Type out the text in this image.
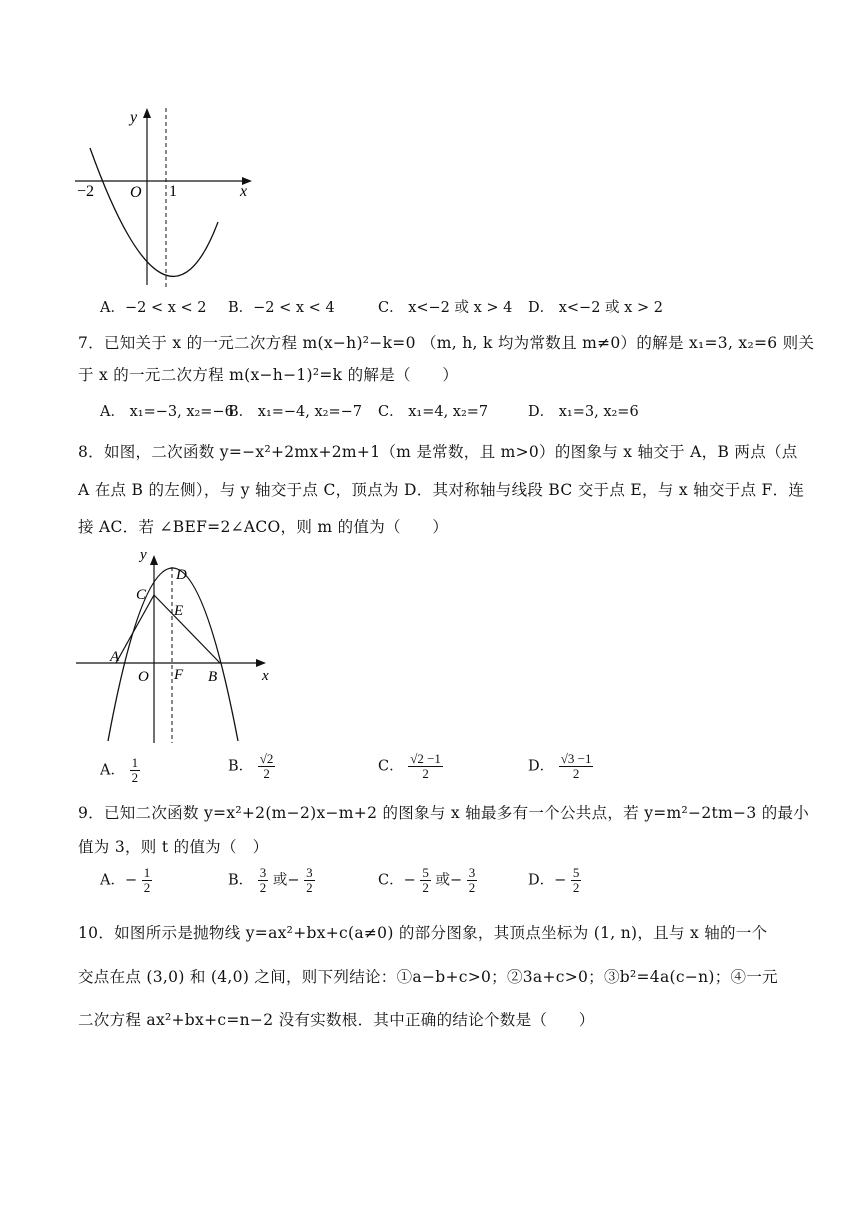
y
x
O
−2	1
A．−2 < x < 2 B．−2 < x < 4	C． x<−2 或 x > 4 D． x<−2 或 x > 2
7．已知关于 x 的一元二次方程 m(x−h)²−k=0 （m, h, k 均为常数且 m≠0）的解是 x₁=3, x₂=6 则关
于 x 的一元二次方程 m(x−h−1)²=k 的解是（　　）
A． x₁=−3, x₂=−6
B． x₁=−4, x₂=−7 C． x₁=4, x₂=7	D． x₁=3, x₂=6
8．如图，二次函数 y=−x²+2mx+2m+1（m 是常数，且 m>0）的图象与 x 轴交于 A，B 两点（点
A 在点 B 的左侧），与 y 轴交于点 C，顶点为 D．其对称轴与线段 BC 交于点 E，与 x 轴交于点 F．连
接 AC．若 ∠BEF=2∠ACO，则 m 的值为（　　）
y
x
D
C
E
A
O F B
A． $\frac{1}{2}$	B． $\frac{√2}{2}$	C． $\frac{√2 -1}{2}$	D． $\frac{√3 -1}{2}$
9．已知二次函数 y=x²+2(m−2)x−m+2 的图象与 x 轴最多有一个公共点，若 y=m²−2tm−3 的最小
值为 3，则 t 的值为（　）
A．− $\frac{1}{2}$	B． $\frac{3}{2}$ 或− $\frac{3}{2}$	C．− $\frac{5}{2}$ 或− $\frac{3}{2}$	D．− $\frac{5}{2}$
10．如图所示是抛物线 y=ax²+bx+c(a≠0) 的部分图象，其顶点坐标为 (1, n)，且与 x 轴的一个
交点在点 (3,0) 和 (4,0) 之间，则下列结论：①a−b+c>0；②3a+c>0；③b²=4a(c−n)；④一元
二次方程 ax²+bx+c=n−2 没有实数根．其中正确的结论个数是（　　）
